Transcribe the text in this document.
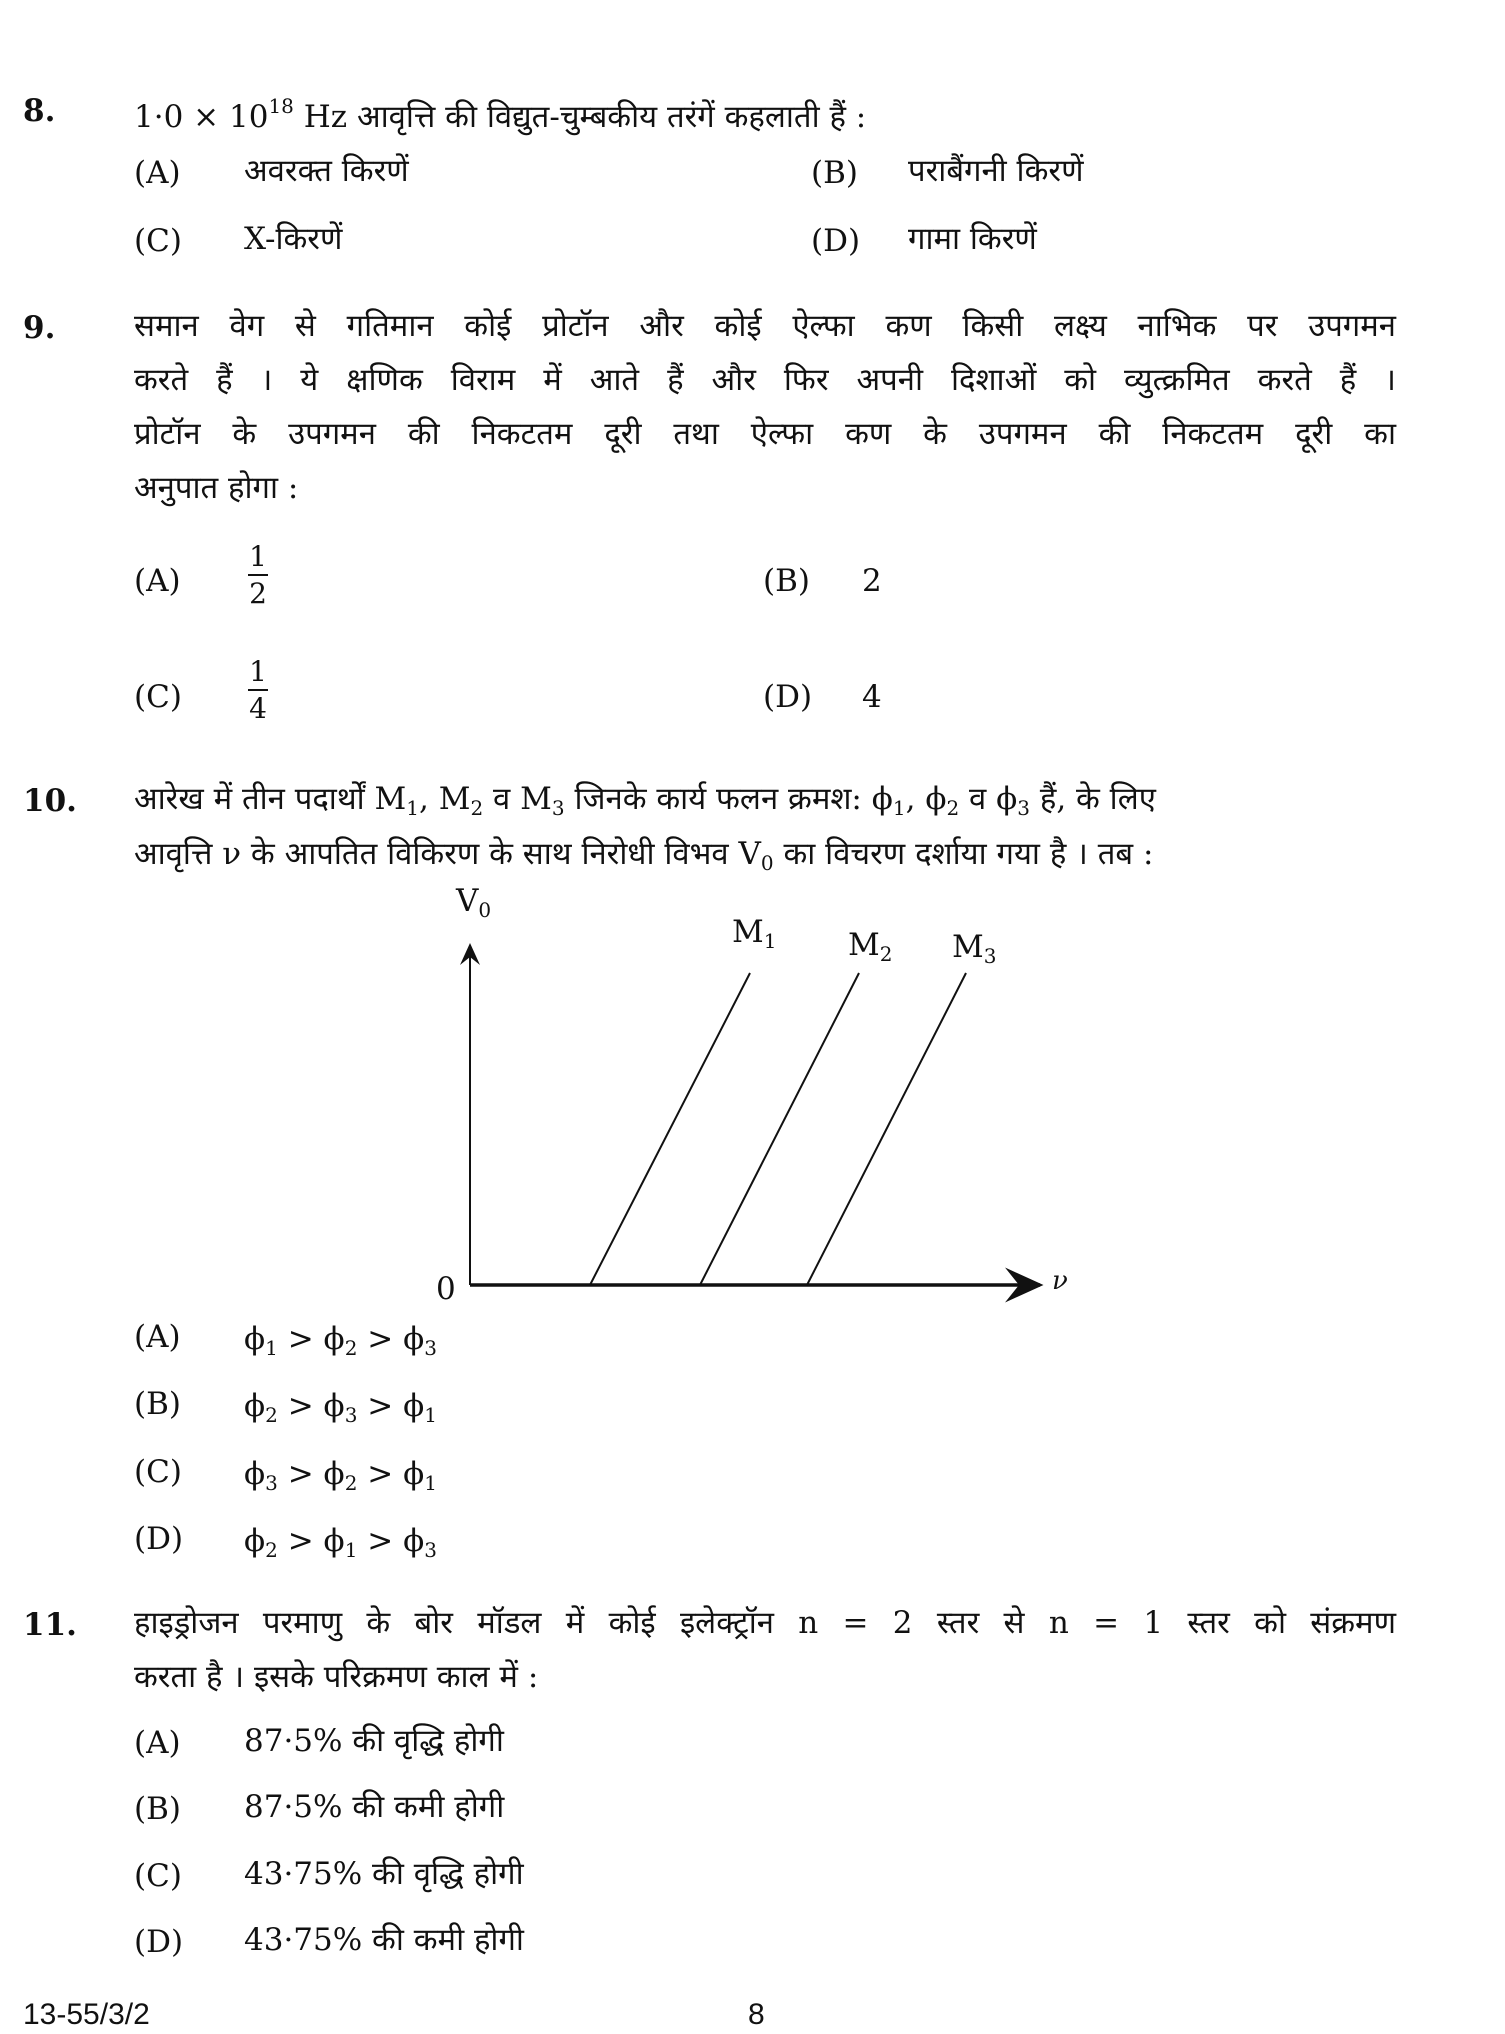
8.	$1\cdot 0 \times 10^{18}$ Hz आवृत्ति की विद्युत-चुम्बकीय तरंगें कहलाती हैं :
(A) अवरक्त किरणें	(B) पराबैंगनी किरणें
(C) X-किरणें	(D) गामा किरणें
9.	समान वेग से गतिमान कोई प्रोटॉन और कोई ऐल्फा कण किसी लक्ष्य नाभिक पर उपगमन
करते हैं । ये क्षणिक विराम में आते हैं और फिर अपनी दिशाओं को व्युत्क्रमित करते हैं ।
प्रोटॉन के उपगमन की निकटतम दूरी तथा ऐल्फा कण के उपगमन की निकटतम दूरी का
अनुपात होगा :
(A)
1
2	(B) 2
(C)
1
4	(D) 4
10. आरेख में तीन पदार्थों $M_1$, $M_2$ व $M_3$ जिनके कार्य फलन क्रमश: $\phi_1$, $\phi_2$ व $\phi_3$ हैं, के लिए
आवृत्ति ν के आपतित विकिरण के साथ निरोधी विभव $V_0$ का विचरण दर्शाया गया है । तब :
$V_0$
$M_1$ $M_2$ $M_3$
0	ν
(A) $\phi_1 > \phi_2 > \phi_3$
(B) $\phi_2 > \phi_3 > \phi_1$
(C) $\phi_3 > \phi_2 > \phi_1$
(D) $\phi_2 > \phi_1 > \phi_3$
11. हाइड्रोजन परमाणु के बोर मॉडल में कोई इलेक्ट्रॉन n = 2 स्तर से n = 1 स्तर को संक्रमण
करता है । इसके परिक्रमण काल में :
(A) 87·5% की वृद्धि होगी
(B) 87·5% की कमी होगी
(C) 43·75% की वृद्धि होगी
(D) 43·75% की कमी होगी
13-55/3/2	8
